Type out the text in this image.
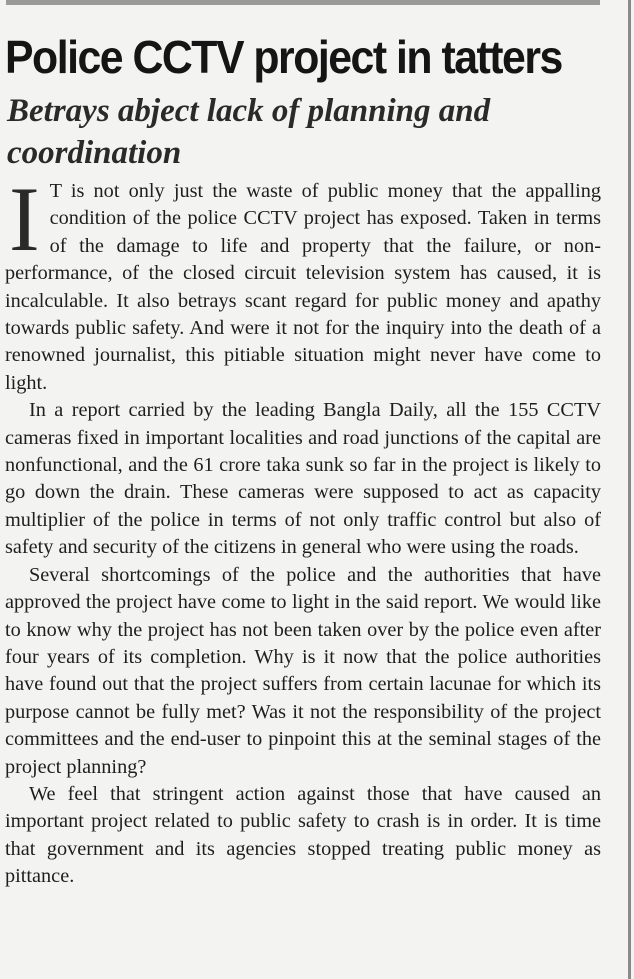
Police CCTV project in tatters
Betrays abject lack of planning and coordination

I T is not only just the waste of public money that the appalling condition of the police CCTV project has exposed. Taken in terms of the damage to life and property that the failure, or non-performance, of the closed circuit television system has caused, it is incalculable. It also betrays scant regard for public money and apathy towards public safety. And were it not for the inquiry into the death of a renowned journalist, this pitiable situation might never have come to light.

In a report carried by the leading Bangla Daily, all the 155 CCTV cameras fixed in important localities and road junctions of the capital are nonfunctional, and the 61 crore taka sunk so far in the project is likely to go down the drain. These cameras were supposed to act as capacity multiplier of the police in terms of not only traffic control but also of safety and security of the citizens in general who were using the roads.

Several shortcomings of the police and the authorities that have approved the project have come to light in the said report. We would like to know why the project has not been taken over by the police even after four years of its completion. Why is it now that the police authorities have found out that the project suffers from certain lacunae for which its purpose cannot be fully met? Was it not the responsibility of the project committees and the end-user to pinpoint this at the seminal stages of the project planning?

We feel that stringent action against those that have caused an important project related to public safety to crash is in order. It is time that government and its agencies stopped treating public money as pittance.
